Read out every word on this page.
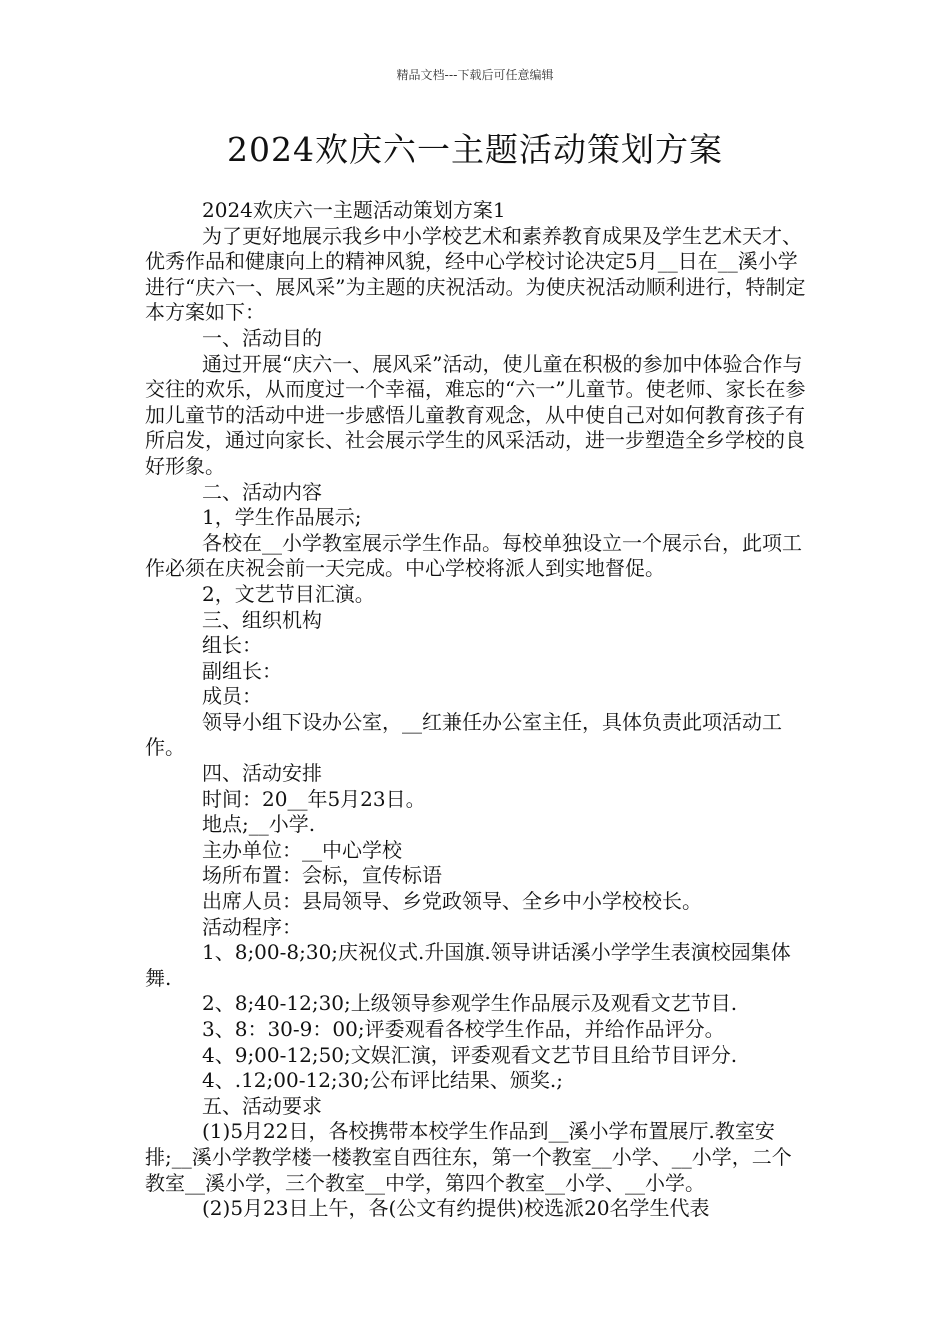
精品文档---下载后可任意编辑
2024欢庆六一主题活动策划方案

2024欢庆六一主题活动策划方案1

为了更好地展示我乡中小学校艺术和素养教育成果及学生艺术天才、优秀作品和健康向上的精神风貌，经中心学校讨论决定5月__日在__溪小学进行“庆六一、展风采”为主题的庆祝活动。为使庆祝活动顺利进行，特制定本方案如下：

一、活动目的

通过开展“庆六一、展风采”活动，使儿童在积极的参加中体验合作与交往的欢乐，从而度过一个幸福，难忘的“六一”儿童节。使老师、家长在参加儿童节的活动中进一步感悟儿童教育观念，从中使自己对如何教育孩子有所启发，通过向家长、社会展示学生的风采活动，进一步塑造全乡学校的良好形象。

二、活动内容

1，学生作品展示;

各校在__小学教室展示学生作品。每校单独设立一个展示台，此项工作必须在庆祝会前一天完成。中心学校将派人到实地督促。

2，文艺节目汇演。

三、组织机构

组长：

副组长：

成员：

领导小组下设办公室，__红兼任办公室主任，具体负责此项活动工作。

四、活动安排

时间：20__年5月23日。

地点;__小学.

主办单位：__中心学校

场所布置：会标，宣传标语

出席人员：县局领导、乡党政领导、全乡中小学校校长。

活动程序：

1、8;00-8;30;庆祝仪式.升国旗.领导讲话溪小学学生表演校园集体舞.

2、8;40-12;30;上级领导参观学生作品展示及观看文艺节目.

3、8：30-9：00;评委观看各校学生作品，并给作品评分。

4、9;00-12;50;文娱汇演，评委观看文艺节目且给节目评分.

4、.12;00-12;30;公布评比结果、颁奖.;

五、活动要求

(1)5月22日，各校携带本校学生作品到__溪小学布置展厅.教室安排;__溪小学教学楼一楼教室自西往东，第一个教室__小学、__小学，二个教室__溪小学，三个教室__中学，第四个教室__小学、__小学。

(2)5月23日上午，各(公文有约提供)校选派20名学生代表
